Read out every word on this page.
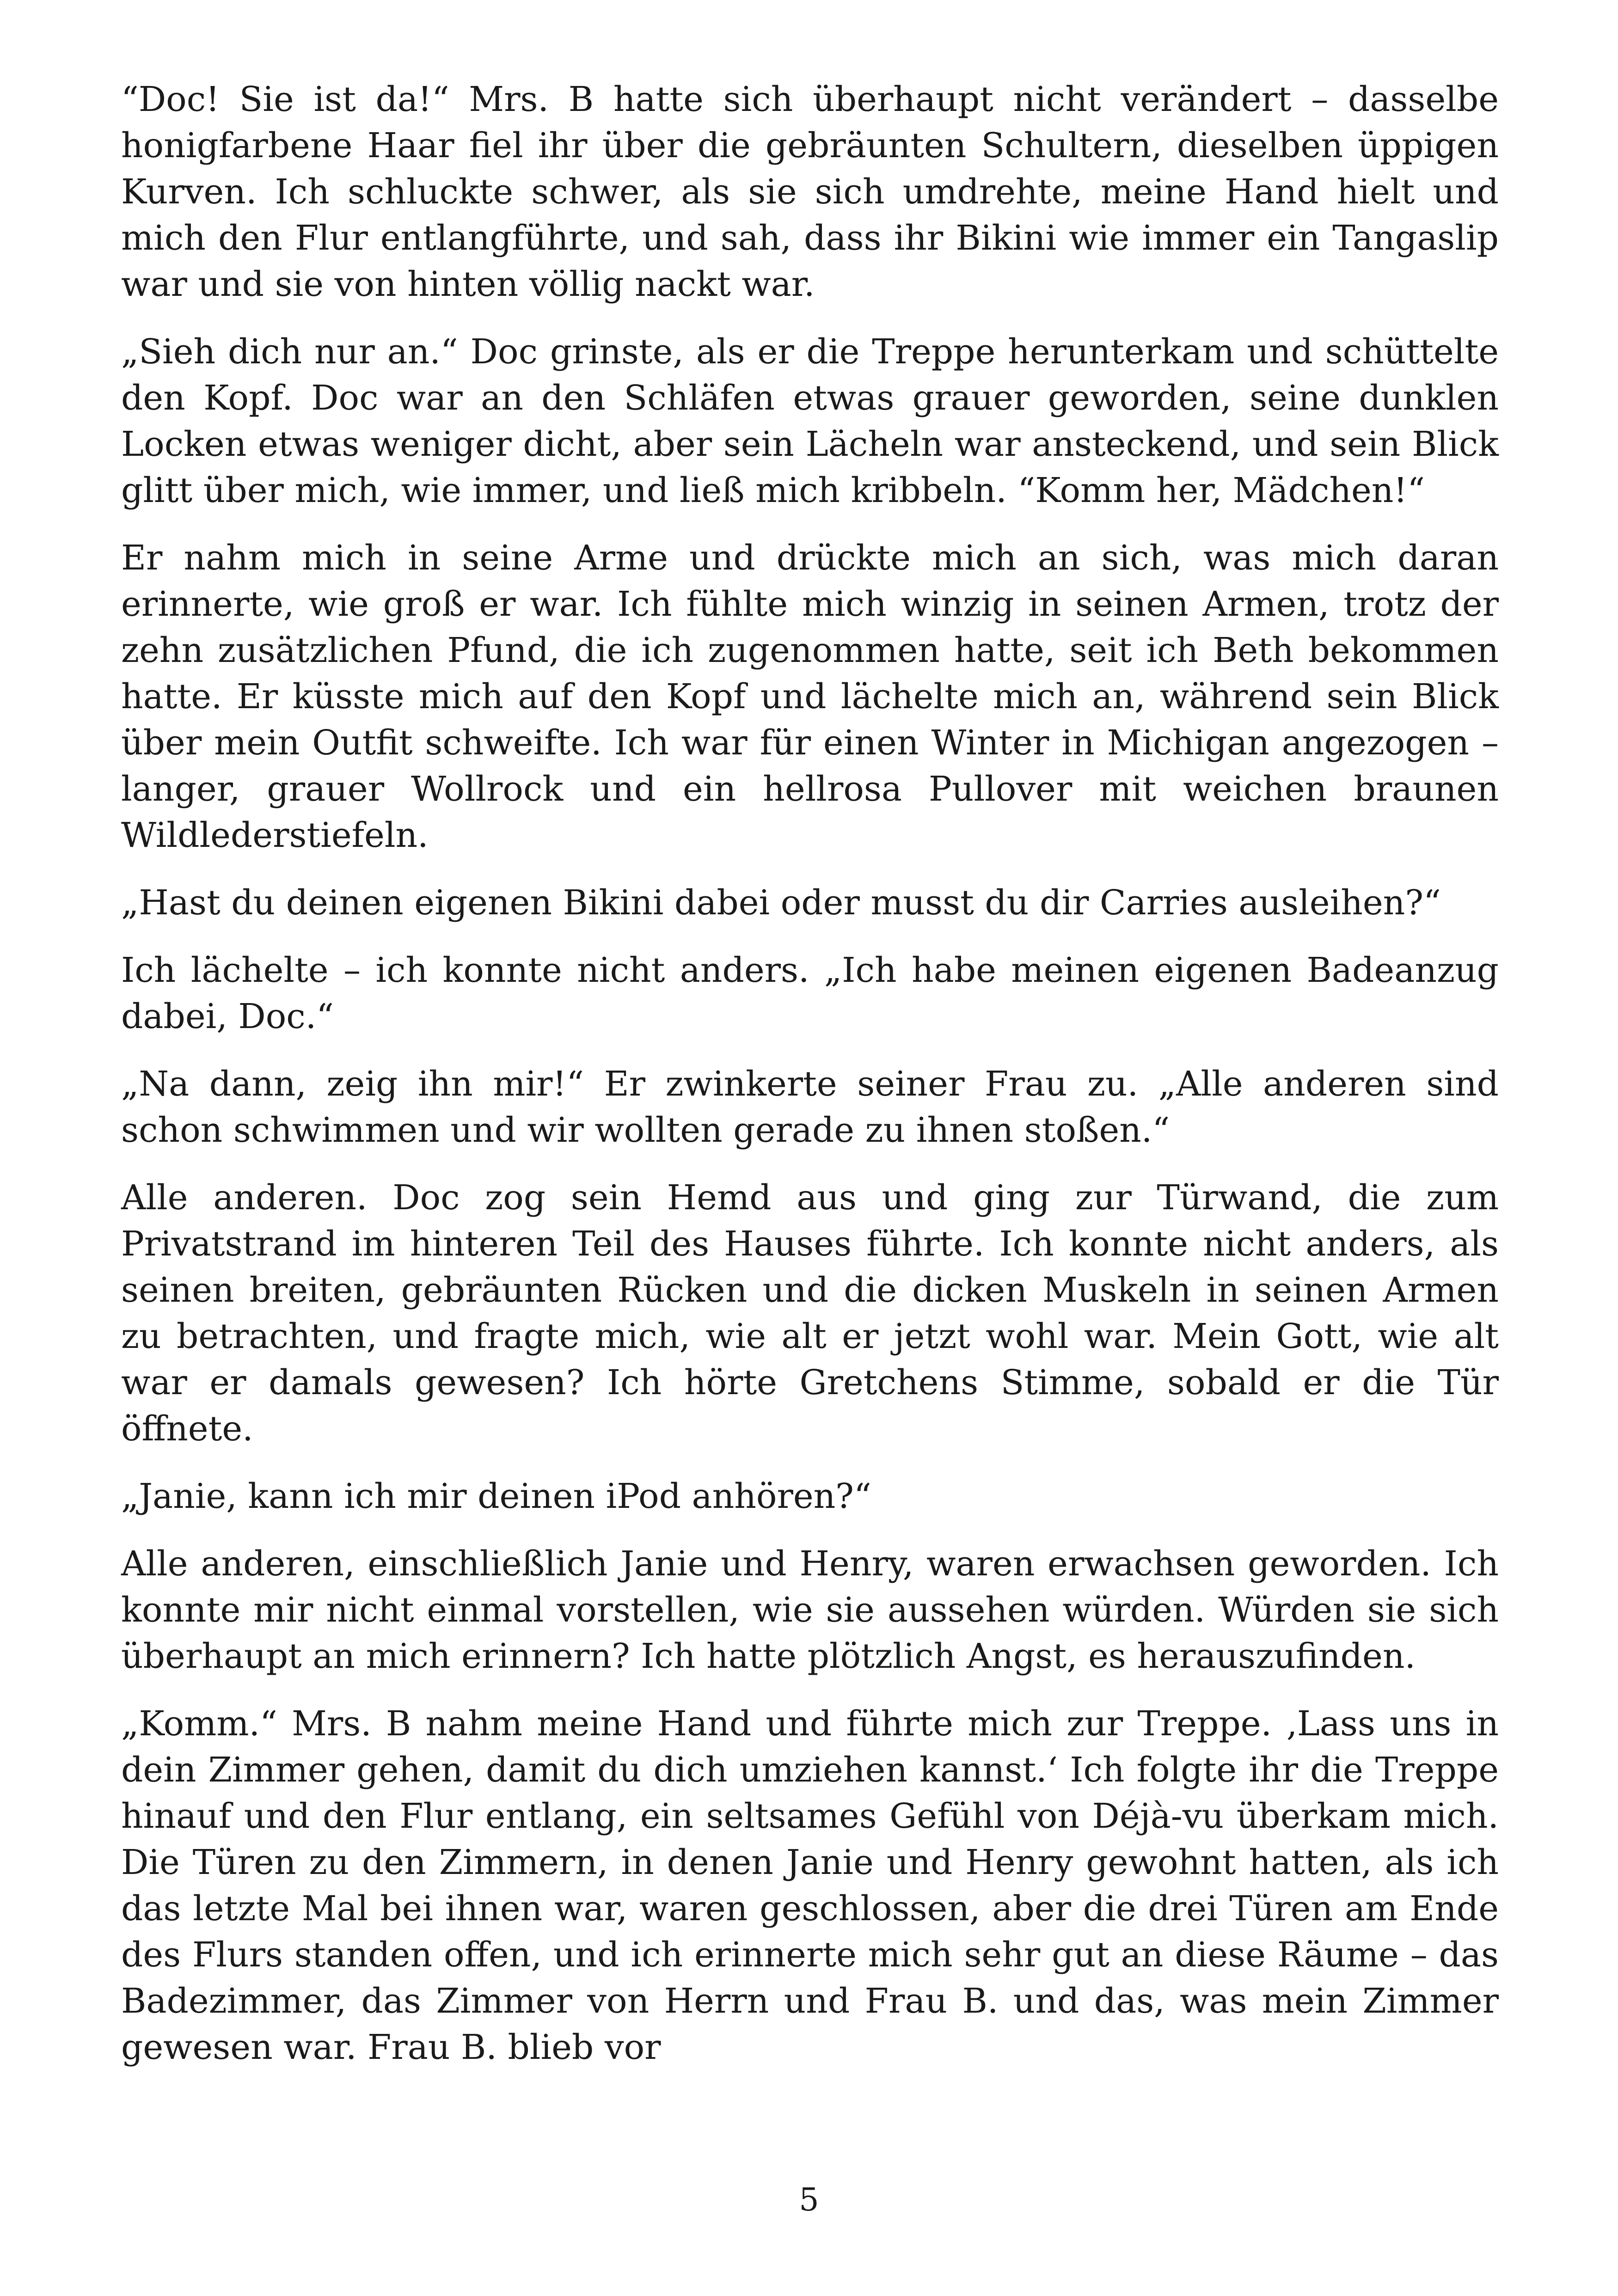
“Doc! Sie ist da!“ Mrs. B hatte sich überhaupt nicht verändert – dasselbe honigfarbene Haar fiel ihr über die gebräunten Schultern, dieselben üppigen Kurven. Ich schluckte schwer, als sie sich umdrehte, meine Hand hielt und mich den Flur entlangführte, und sah, dass ihr Bikini wie immer ein Tangaslip war und sie von hinten völlig nackt war.

„Sieh dich nur an.“ Doc grinste, als er die Treppe herunterkam und schüttelte den Kopf. Doc war an den Schläfen etwas grauer geworden, seine dunklen Locken etwas weniger dicht, aber sein Lächeln war ansteckend, und sein Blick glitt über mich, wie immer, und ließ mich kribbeln. “Komm her, Mädchen!“

Er nahm mich in seine Arme und drückte mich an sich, was mich daran erinnerte, wie groß er war. Ich fühlte mich winzig in seinen Armen, trotz der zehn zusätzlichen Pfund, die ich zugenommen hatte, seit ich Beth bekommen hatte. Er küsste mich auf den Kopf und lächelte mich an, während sein Blick über mein Outfit schweifte. Ich war für einen Winter in Michigan angezogen – langer, grauer Wollrock und ein hellrosa Pullover mit weichen braunen Wildlederstiefeln.

„Hast du deinen eigenen Bikini dabei oder musst du dir Carries ausleihen?“

Ich lächelte – ich konnte nicht anders. „Ich habe meinen eigenen Badeanzug dabei, Doc.“

„Na dann, zeig ihn mir!“ Er zwinkerte seiner Frau zu. „Alle anderen sind schon schwimmen und wir wollten gerade zu ihnen stoßen.“

Alle anderen. Doc zog sein Hemd aus und ging zur Türwand, die zum Privatstrand im hinteren Teil des Hauses führte. Ich konnte nicht anders, als seinen breiten, gebräunten Rücken und die dicken Muskeln in seinen Armen zu betrachten, und fragte mich, wie alt er jetzt wohl war. Mein Gott, wie alt war er damals gewesen? Ich hörte Gretchens Stimme, sobald er die Tür öffnete.

„Janie, kann ich mir deinen iPod anhören?“

Alle anderen, einschließlich Janie und Henry, waren erwachsen geworden. Ich konnte mir nicht einmal vorstellen, wie sie aussehen würden. Würden sie sich überhaupt an mich erinnern? Ich hatte plötzlich Angst, es herauszufinden.

„Komm.“ Mrs. B nahm meine Hand und führte mich zur Treppe. ‚Lass uns in dein Zimmer gehen, damit du dich umziehen kannst.‘ Ich folgte ihr die Treppe hinauf und den Flur entlang, ein seltsames Gefühl von Déjà-vu überkam mich. Die Türen zu den Zimmern, in denen Janie und Henry gewohnt hatten, als ich das letzte Mal bei ihnen war, waren geschlossen, aber die drei Türen am Ende des Flurs standen offen, und ich erinnerte mich sehr gut an diese Räume – das Badezimmer, das Zimmer von Herrn und Frau B. und das, was mein Zimmer gewesen war. Frau B. blieb vor

5
